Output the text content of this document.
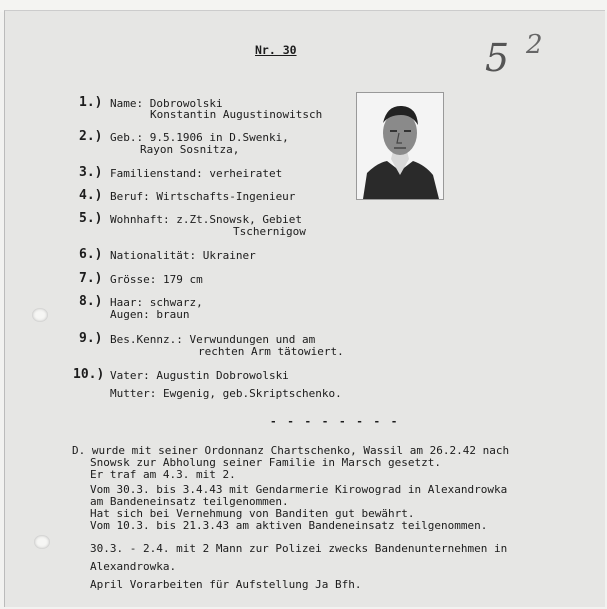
Nr. 30	5 2
1.) Name: Dobrowolski
Konstantin Augustinowitsch
2.) Geb.: 9.5.1906 in D.Swenki,
Rayon Sosnitza,
3.) Familienstand: verheiratet
4.) Beruf: Wirtschafts-Ingenieur
5.) Wohnhaft: z.Zt.Snowsk, Gebiet
Tschernigow
6.) Nationalität: Ukrainer
7.) Grösse: 179 cm
8.) Haar: schwarz,
Augen: braun
9.) Bes.Kennz.: Verwundungen und am
rechten Arm tätowiert.
10.) Vater: Augustin Dobrowolski
Mutter: Ewgenig, geb.Skriptschenko.
- - - - - - - -
D. wurde mit seiner Ordonnanz Chartschenko, Wassil am 26.2.42 nach
Snowsk zur Abholung seiner Familie in Marsch gesetzt.
Er traf am 4.3. mit 2.
Vom 30.3. bis 3.4.43 mit Gendarmerie Kirowograd in Alexandrowka
am Bandeneinsatz teilgenommen.
Hat sich bei Vernehmung von Banditen gut bewährt.
Vom 10.3. bis 21.3.43 am aktiven Bandeneinsatz teilgenommen.
30.3. - 2.4. mit 2 Mann zur Polizei zwecks Bandenunternehmen in
Alexandrowka.
April Vorarbeiten für Aufstellung Ja Bfh.
